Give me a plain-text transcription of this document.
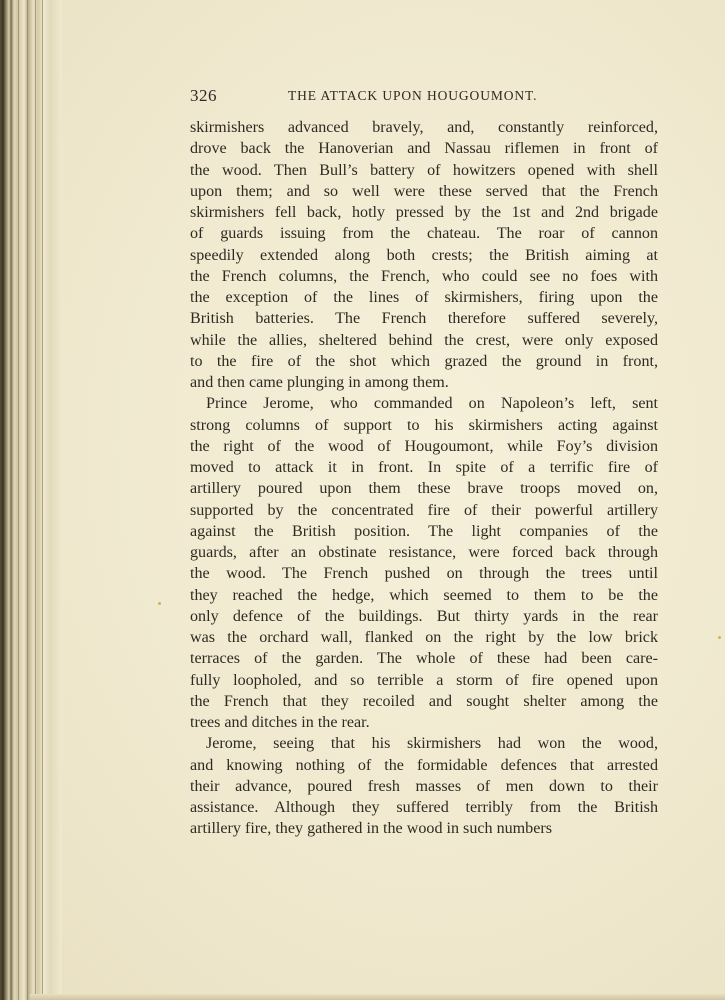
326	THE ATTACK UPON HOUGOUMONT.

skirmishers advanced bravely, and, constantly reinforced,
drove back the Hanoverian and Nassau riflemen in front of
the wood. Then Bull’s battery of howitzers opened with shell
upon them; and so well were these served that the French
skirmishers fell back, hotly pressed by the 1st and 2nd brigade
of guards issuing from the chateau. The roar of cannon
speedily extended along both crests; the British aiming at
the French columns, the French, who could see no foes with
the exception of the lines of skirmishers, firing upon the
British batteries. The French therefore suffered severely,
while the allies, sheltered behind the crest, were only exposed
to the fire of the shot which grazed the ground in front,
and then came plunging in among them.

Prince Jerome, who commanded on Napoleon’s left, sent
strong columns of support to his skirmishers acting against
the right of the wood of Hougoumont, while Foy’s division
moved to attack it in front. In spite of a terrific fire of
artillery poured upon them these brave troops moved on,
supported by the concentrated fire of their powerful artillery
against the British position. The light companies of the
guards, after an obstinate resistance, were forced back through
the wood. The French pushed on through the trees until
they reached the hedge, which seemed to them to be the
only defence of the buildings. But thirty yards in the rear
was the orchard wall, flanked on the right by the low brick
terraces of the garden. The whole of these had been care-
fully loopholed, and so terrible a storm of fire opened upon
the French that they recoiled and sought shelter among the
trees and ditches in the rear.

Jerome, seeing that his skirmishers had won the wood,
and knowing nothing of the formidable defences that arrested
their advance, poured fresh masses of men down to their
assistance. Although they suffered terribly from the British
artillery fire, they gathered in the wood in such numbers
